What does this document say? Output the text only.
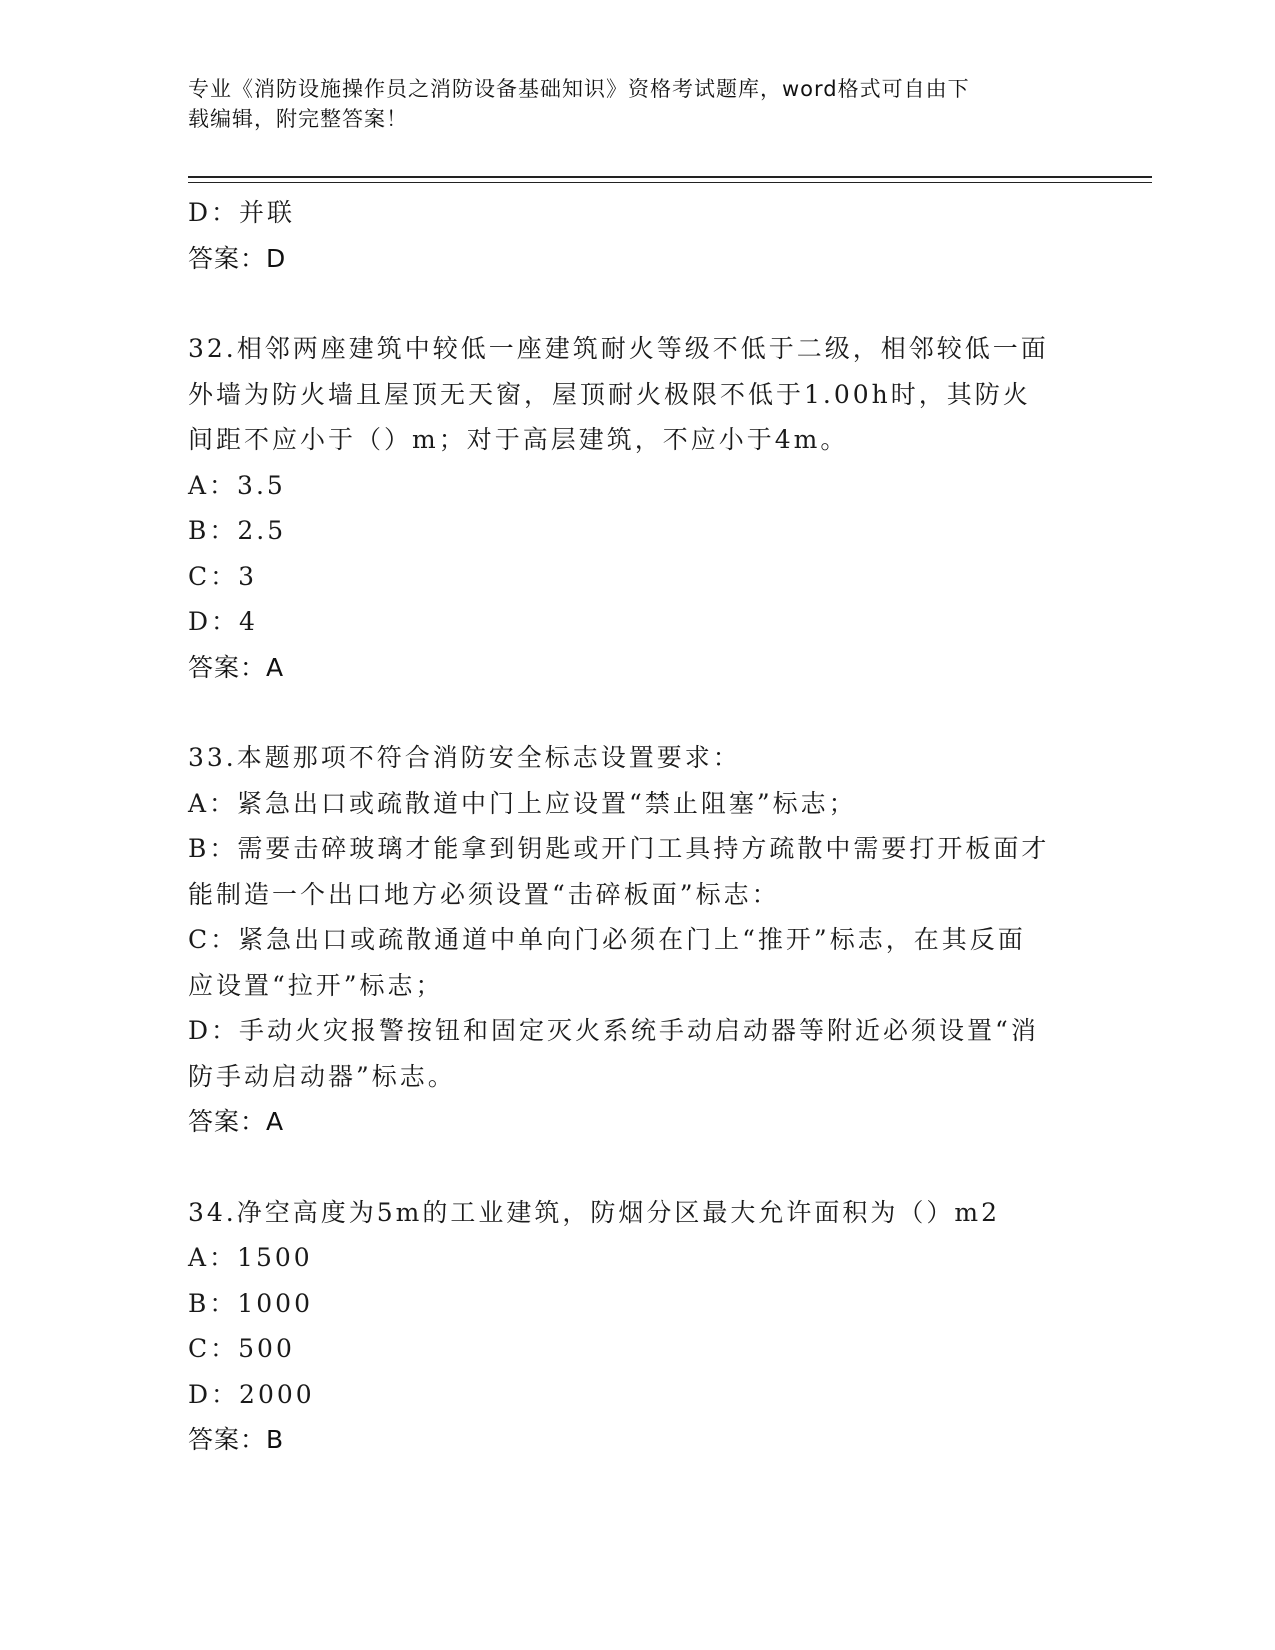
专业《消防设施操作员之消防设备基础知识》资格考试题库，word格式可自由下
载编辑，附完整答案！
D：并联
答案：D
32.相邻两座建筑中较低一座建筑耐火等级不低于二级，相邻较低一面
外墙为防火墙且屋顶无天窗，屋顶耐火极限不低于1.00h时，其防火
间距不应小于（）m；对于高层建筑，不应小于4m。
A：3.5
B：2.5
C：3
D：4
答案：A
33.本题那项不符合消防安全标志设置要求：
A：紧急出口或疏散道中门上应设置“禁止阻塞”标志；
B：需要击碎玻璃才能拿到钥匙或开门工具持方疏散中需要打开板面才
能制造一个出口地方必须设置“击碎板面”标志：
C：紧急出口或疏散通道中单向门必须在门上“推开”标志，在其反面
应设置“拉开”标志；
D：手动火灾报警按钮和固定灭火系统手动启动器等附近必须设置“消
防手动启动器”标志。
答案：A
34.净空高度为5m的工业建筑，防烟分区最大允许面积为（）m2
A：1500
B：1000
C：500
D：2000
答案：B
